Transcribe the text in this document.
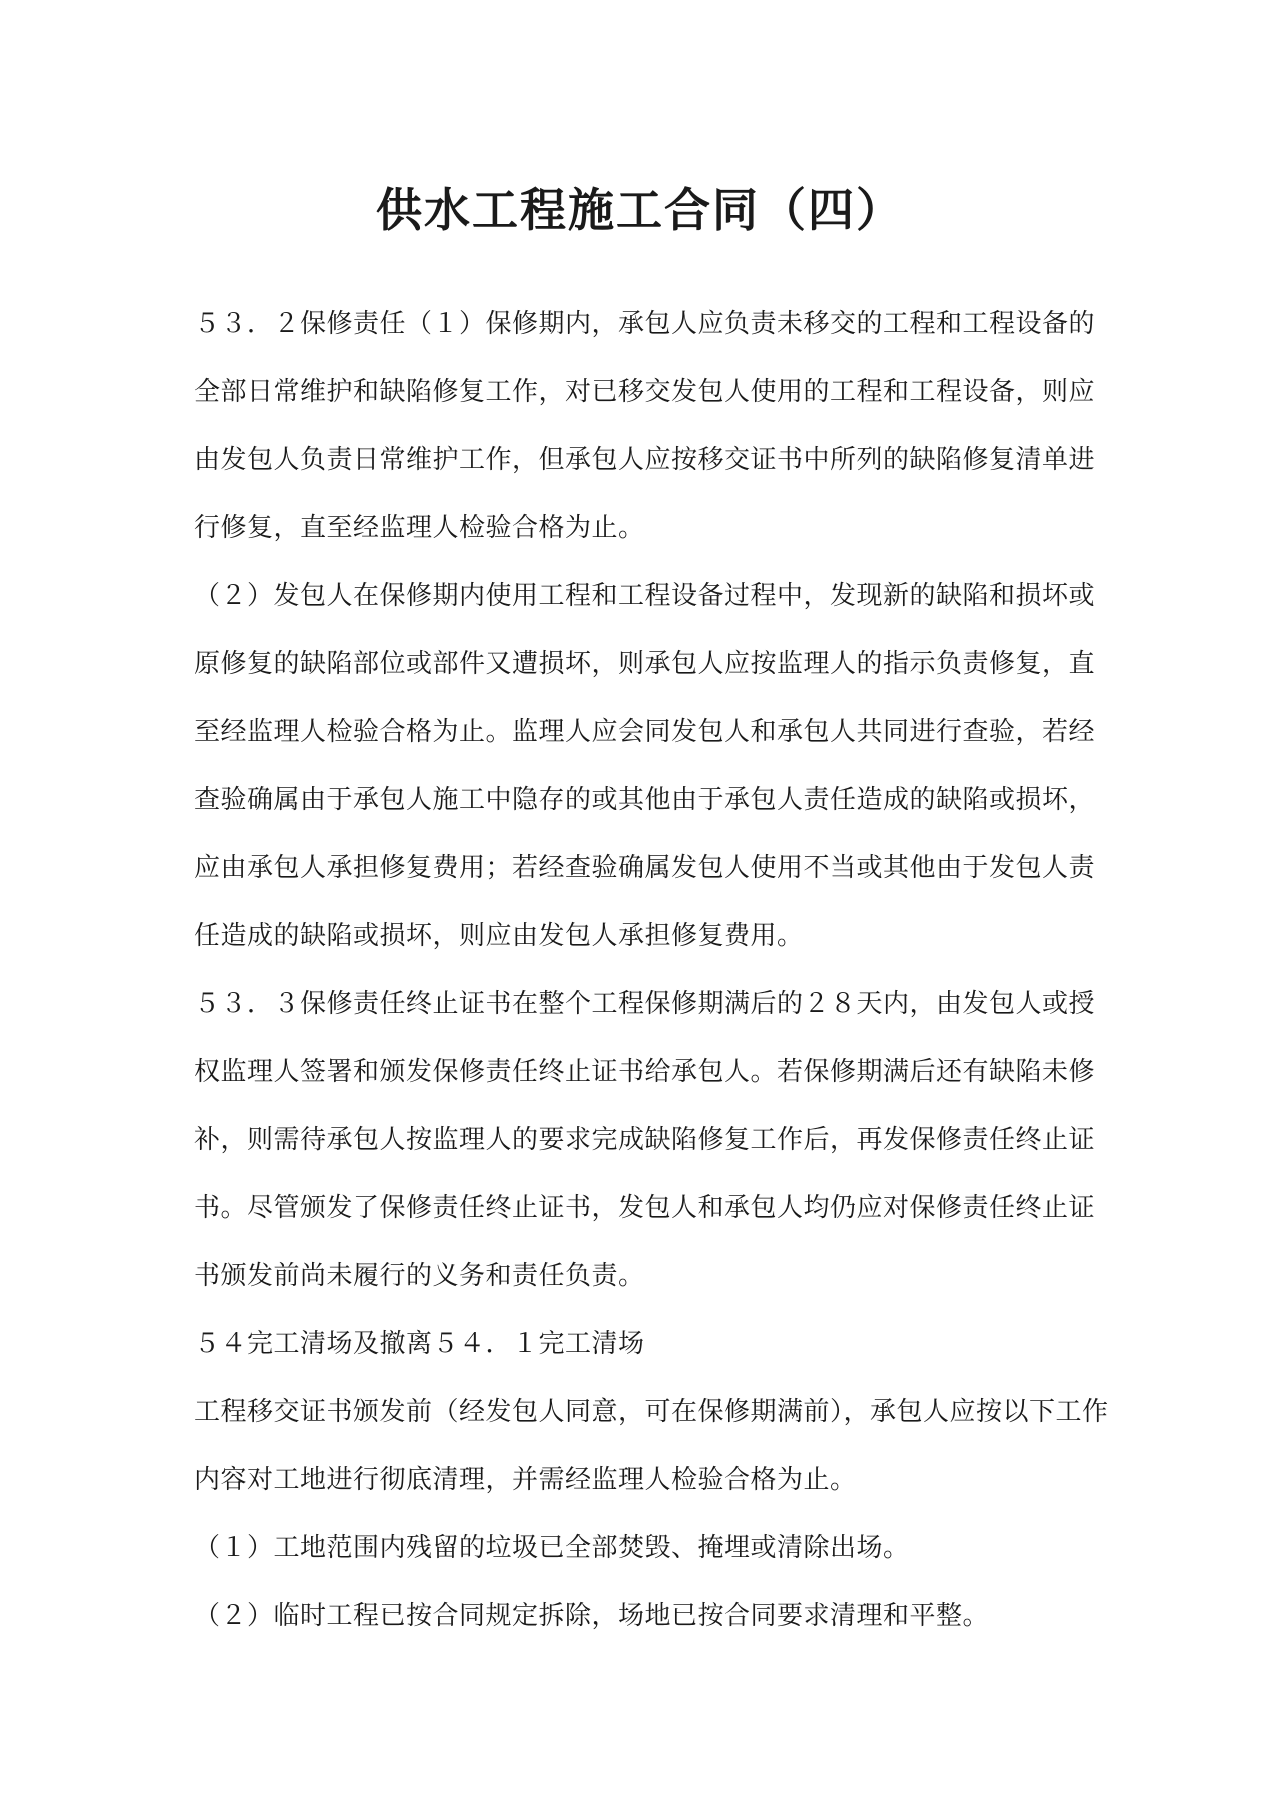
供水工程施工合同（四）
５３．２保修责任（１）保修期内，承包人应负责未移交的工程和工程设备的
全部日常维护和缺陷修复工作，对已移交发包人使用的工程和工程设备，则应
由发包人负责日常维护工作，但承包人应按移交证书中所列的缺陷修复清单进
行修复，直至经监理人检验合格为止。
（２）发包人在保修期内使用工程和工程设备过程中，发现新的缺陷和损坏或
原修复的缺陷部位或部件又遭损坏，则承包人应按监理人的指示负责修复，直
至经监理人检验合格为止。监理人应会同发包人和承包人共同进行查验，若经
查验确属由于承包人施工中隐存的或其他由于承包人责任造成的缺陷或损坏，
应由承包人承担修复费用；若经查验确属发包人使用不当或其他由于发包人责
任造成的缺陷或损坏，则应由发包人承担修复费用。
５３．３保修责任终止证书在整个工程保修期满后的２８天内，由发包人或授
权监理人签署和颁发保修责任终止证书给承包人。若保修期满后还有缺陷未修
补，则需待承包人按监理人的要求完成缺陷修复工作后，再发保修责任终止证
书。尽管颁发了保修责任终止证书，发包人和承包人均仍应对保修责任终止证
书颁发前尚未履行的义务和责任负责。
５４完工清场及撤离５４．１完工清场
工程移交证书颁发前（经发包人同意，可在保修期满前），承包人应按以下工作
内容对工地进行彻底清理，并需经监理人检验合格为止。
（１）工地范围内残留的垃圾已全部焚毁、掩埋或清除出场。
（２）临时工程已按合同规定拆除，场地已按合同要求清理和平整。
